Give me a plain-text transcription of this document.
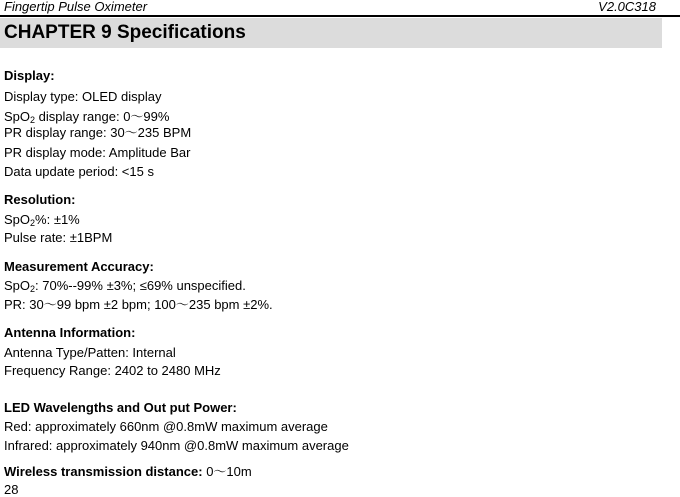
Fingertip Pulse Oximeter	V2.0C318
CHAPTER 9 Specifications
Display:
Display type: OLED display
SpO$_2$ display range: 0～99%
PR display range: 30～235 BPM
PR display mode: Amplitude Bar
Data update period: <15 s
Resolution:
SpO$_2$%: ±1%
Pulse rate: ±1BPM
Measurement Accuracy:
SpO$_2$: 70%--99% ±3%; ≤69% unspecified.
PR: 30～99 bpm ±2 bpm; 100～235 bpm ±2%.
Antenna Information:
Antenna Type/Patten: Internal
Frequency Range: 2402 to 2480 MHz
LED Wavelengths and Out put Power:
Red: approximately 660nm @0.8mW maximum average
Infrared: approximately 940nm @0.8mW maximum average
Wireless transmission distance: 0～10m
28
